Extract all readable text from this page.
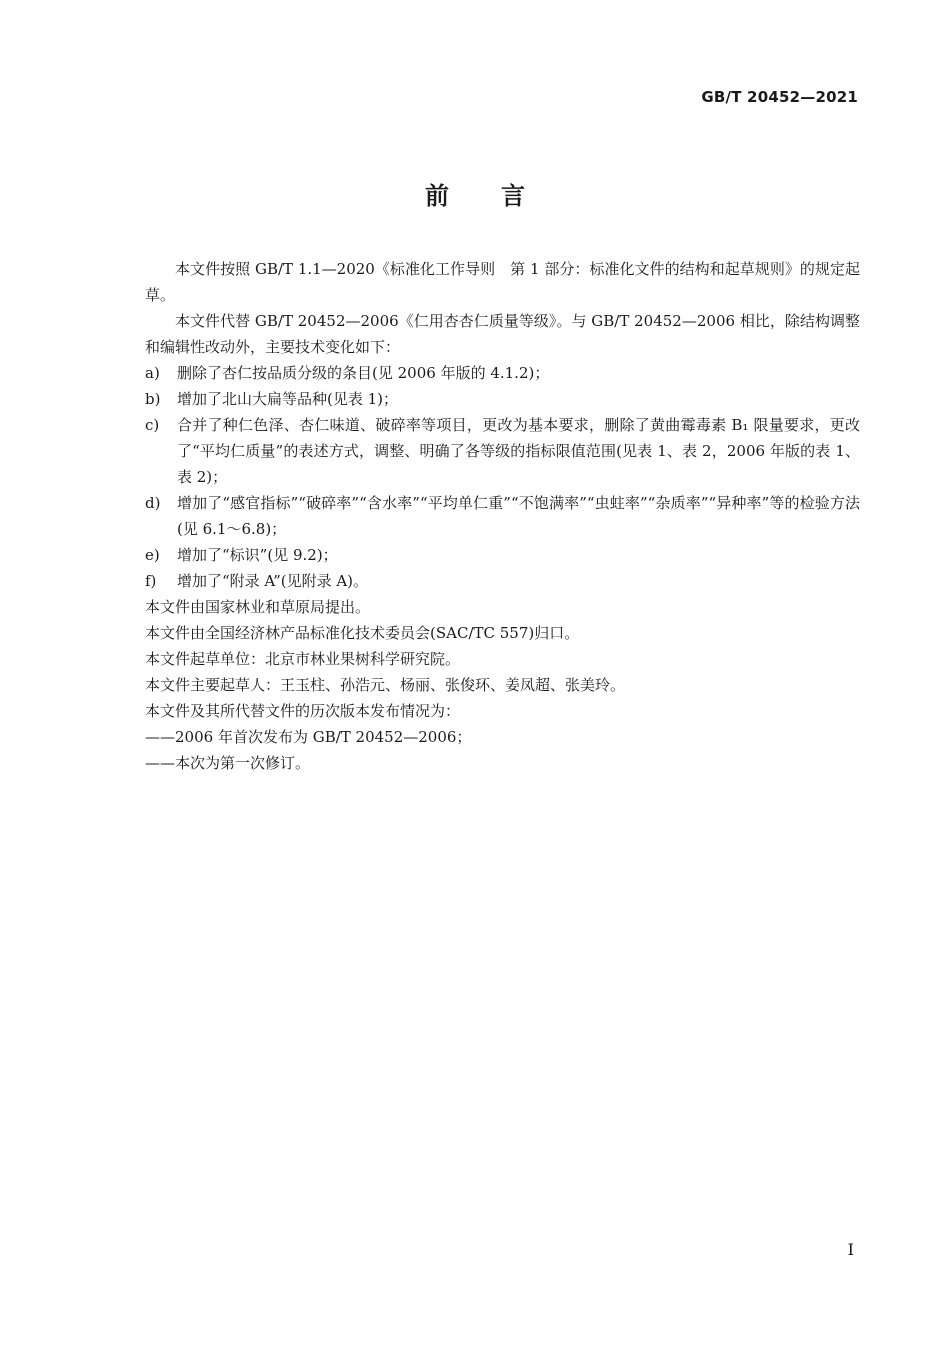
GB/T 20452—2021
前言

本文件按照 GB/T 1.1—2020《标准化工作导则　第 1 部分：标准化文件的结构和起草规则》的规定起草。

本文件代替 GB/T 20452—2006《仁用杏杏仁质量等级》。与 GB/T 20452—2006 相比，除结构调整和编辑性改动外，主要技术变化如下：

a)	删除了杏仁按品质分级的条目(见 2006 年版的 4.1.2)；
b)	增加了北山大扁等品种(见表 1)；
c)	合并了种仁色泽、杏仁味道、破碎率等项目，更改为基本要求，删除了黄曲霉毒素 B₁ 限量要求，更改了“平均仁质量”的表述方式，调整、明确了各等级的指标限值范围(见表 1、表 2，2006 年版的表 1、表 2)；
d)	增加了“感官指标”“破碎率”“含水率”“平均单仁重”“不饱满率”“虫蛀率”“杂质率”“异种率”等的检验方法(见 6.1～6.8)；
e)	增加了“标识”(见 9.2)；
f)	增加了“附录 A”(见附录 A)。

本文件由国家林业和草原局提出。

本文件由全国经济林产品标准化技术委员会(SAC/TC 557)归口。

本文件起草单位：北京市林业果树科学研究院。

本文件主要起草人：王玉柱、孙浩元、杨丽、张俊环、姜凤超、张美玲。

本文件及其所代替文件的历次版本发布情况为：

——2006 年首次发布为 GB/T 20452—2006；

——本次为第一次修订。

I
